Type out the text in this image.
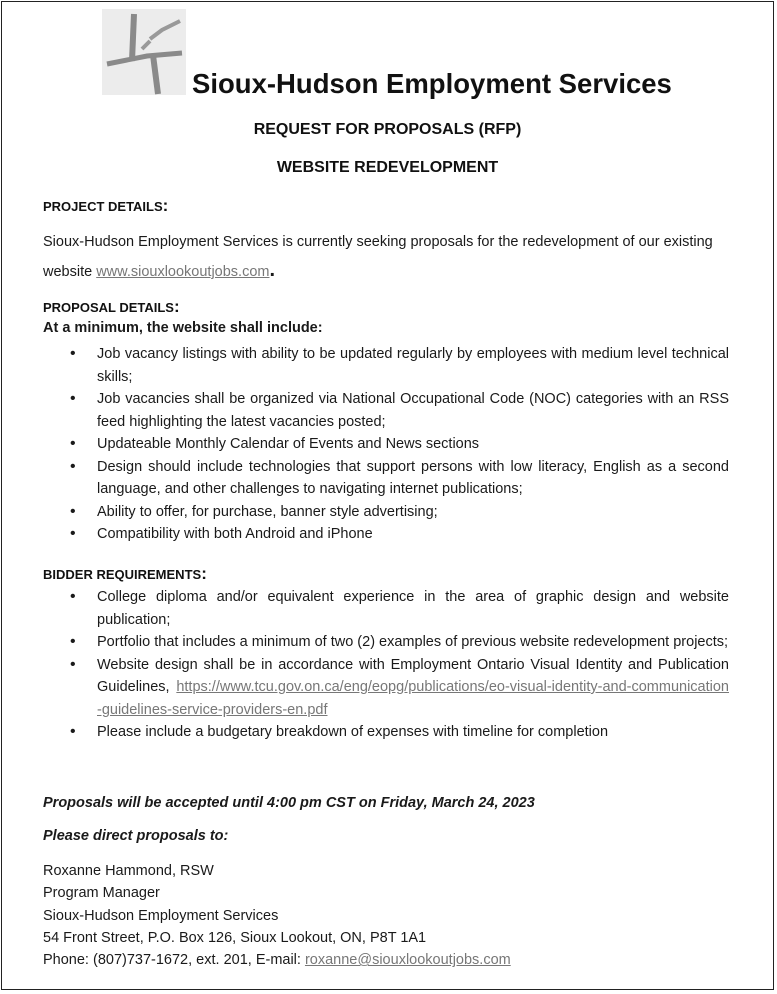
Sioux-Hudson Employment Services
REQUEST FOR PROPOSALS (RFP)
WEBSITE REDEVELOPMENT
PROJECT DETAILS:
Sioux-Hudson Employment Services is currently seeking proposals for the redevelopment of our existing website www.siouxlookoutjobs.com.
PROPOSAL DETAILS:
At a minimum, the website shall include:
• Job vacancy listings with ability to be updated regularly by employees with medium level technical skills;
• Job vacancies shall be organized via National Occupational Code (NOC) categories with an RSS feed highlighting the latest vacancies posted;
• Updateable Monthly Calendar of Events and News sections
• Design should include technologies that support persons with low literacy, English as a second language, and other challenges to navigating internet publications;
• Ability to offer, for purchase, banner style advertising;
• Compatibility with both Android and iPhone
BIDDER REQUIREMENTS:
• College diploma and/or equivalent experience in the area of graphic design and website publication;
• Portfolio that includes a minimum of two (2) examples of previous website redevelopment projects;
• Website design shall be in accordance with Employment Ontario Visual Identity and Publication Guidelines, https://www.tcu.gov.on.ca/eng/eopg/publications/eo-visual-identity-and-communication-guidelines-service-providers-en.pdf
• Please include a budgetary breakdown of expenses with timeline for completion
Proposals will be accepted until 4:00 pm CST on Friday, March 24, 2023
Please direct proposals to:
Roxanne Hammond, RSW
Program Manager
Sioux-Hudson Employment Services
54 Front Street, P.O. Box 126, Sioux Lookout, ON, P8T 1A1
Phone: (807)737-1672, ext. 201, E-mail: roxanne@siouxlookoutjobs.com
